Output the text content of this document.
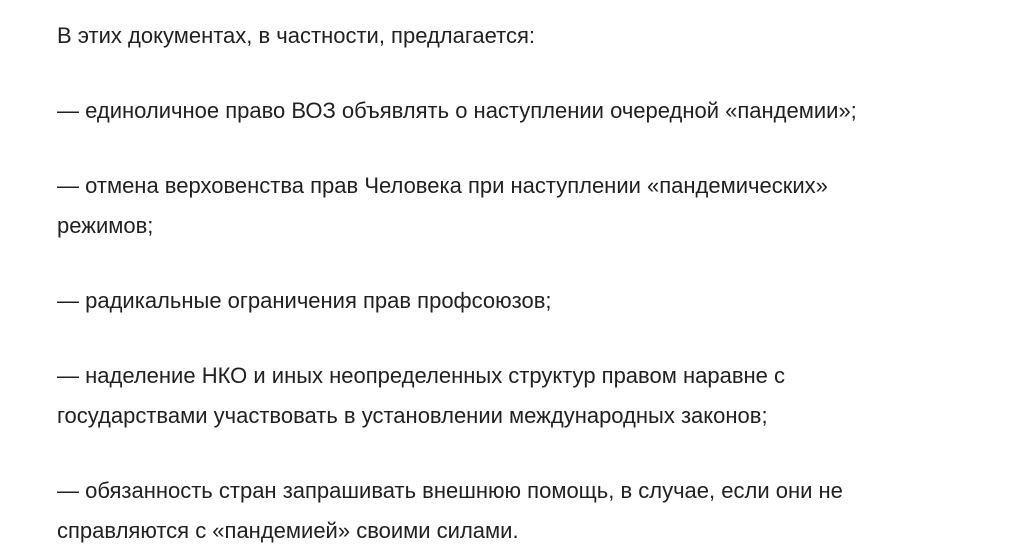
В этих документах, в частности, предлагается:

— единоличное право ВОЗ объявлять о наступлении очередной «пандемии»;

— отмена верховенства прав Человека при наступлении «пандемических»
режимов;

— радикальные ограничения прав профсоюзов;

— наделение НКО и иных неопределенных структур правом наравне с
государствами участвовать в установлении международных законов;

— обязанность стран запрашивать внешнюю помощь, в случае, если они не
справляются с «пандемией» своими силами.
